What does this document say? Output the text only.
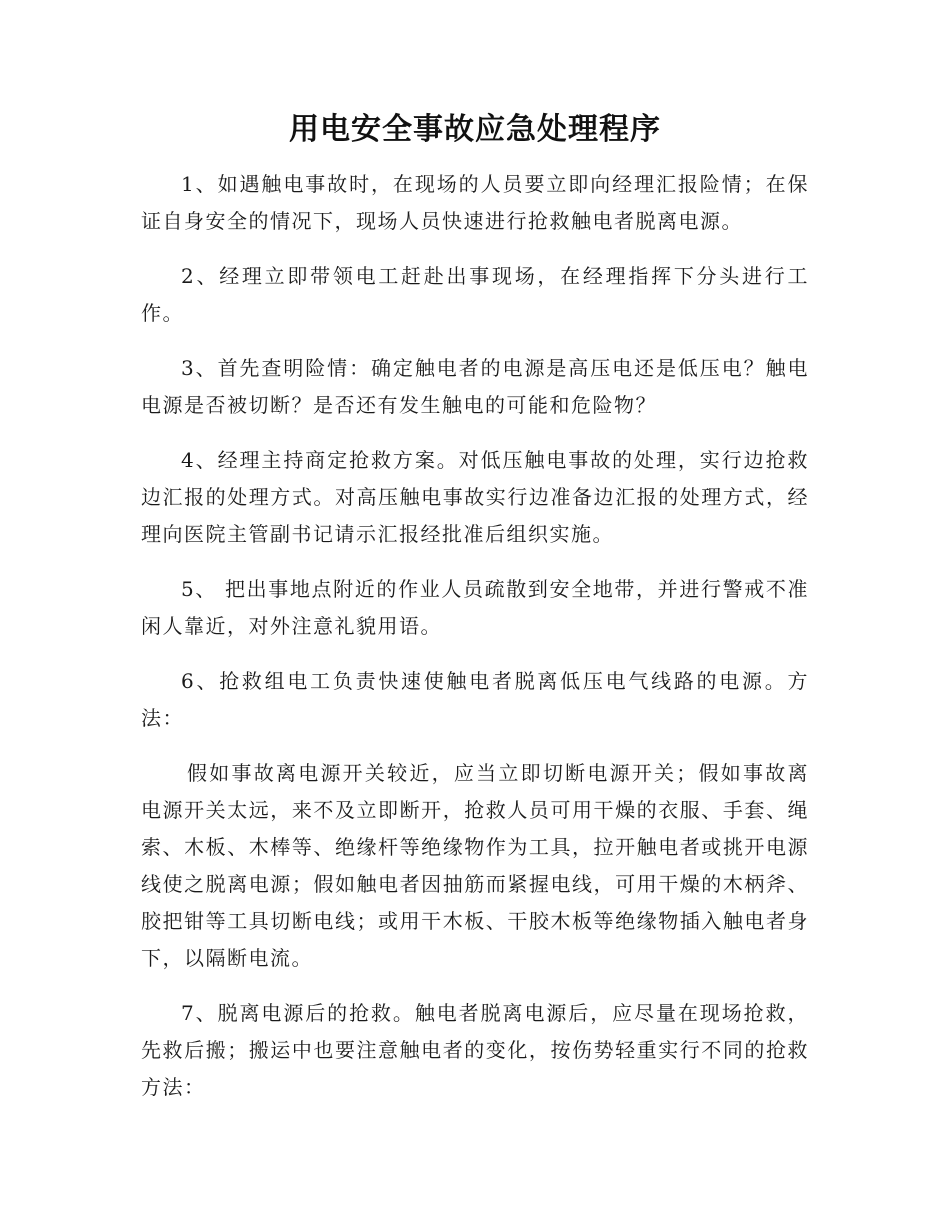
用电安全事故应急处理程序

1、如遇触电事故时，在现场的人员要立即向经理汇报险情；在保证自身安全的情况下，现场人员快速进行抢救触电者脱离电源。

2、经理立即带领电工赶赴出事现场，在经理指挥下分头进行工作。

3、首先查明险情：确定触电者的电源是高压电还是低压电？触电电源是否被切断？是否还有发生触电的可能和危险物？

4、经理主持商定抢救方案。对低压触电事故的处理，实行边抢救边汇报的处理方式。对高压触电事故实行边准备边汇报的处理方式，经理向医院主管副书记请示汇报经批准后组织实施。

5、 把出事地点附近的作业人员疏散到安全地带，并进行警戒不准闲人靠近，对外注意礼貌用语。

6、抢救组电工负责快速使触电者脱离低压电气线路的电源。方法：

假如事故离电源开关较近，应当立即切断电源开关；假如事故离电源开关太远，来不及立即断开，抢救人员可用干燥的衣服、手套、绳索、木板、木棒等、绝缘杆等绝缘物作为工具，拉开触电者或挑开电源线使之脱离电源；假如触电者因抽筋而紧握电线，可用干燥的木柄斧、胶把钳等工具切断电线；或用干木板、干胶木板等绝缘物插入触电者身下，以隔断电流。

7、脱离电源后的抢救。触电者脱离电源后，应尽量在现场抢救，先救后搬；搬运中也要注意触电者的变化，按伤势轻重实行不同的抢救方法：
